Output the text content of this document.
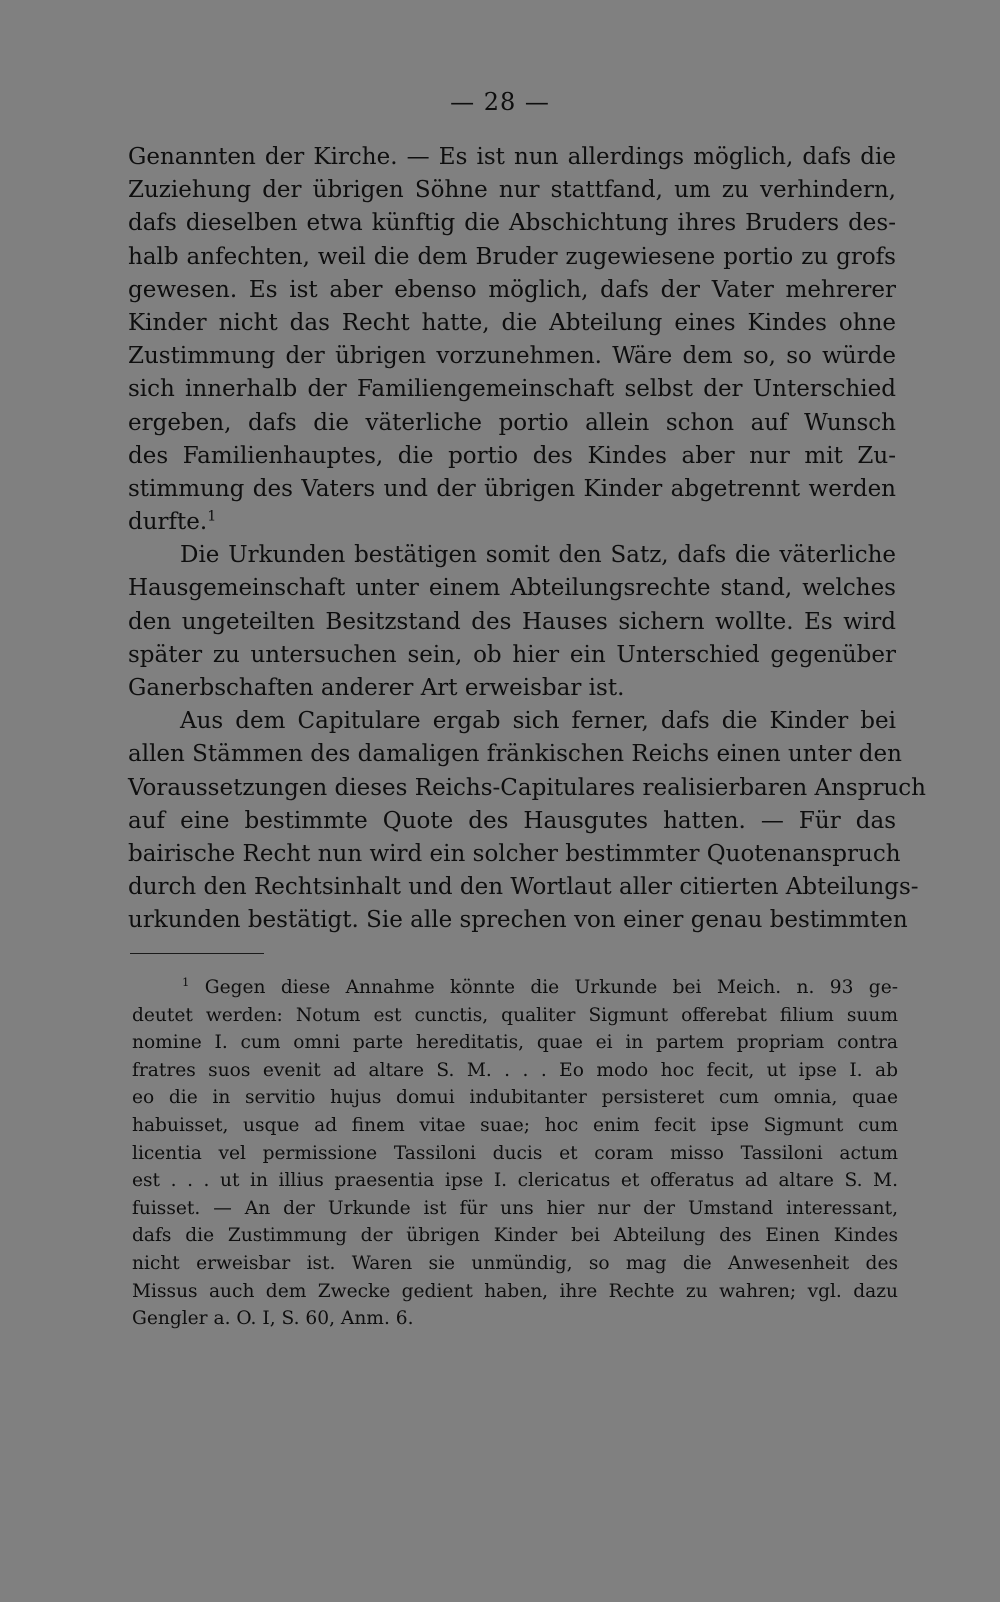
— 28 —
Genannten der Kirche. — Es ist nun allerdings möglich, dafs die
Zuziehung der übrigen Söhne nur stattfand, um zu verhindern,
dafs dieselben etwa künftig die Abschichtung ihres Bruders des-
halb anfechten, weil die dem Bruder zugewiesene portio zu grofs
gewesen. Es ist aber ebenso möglich, dafs der Vater mehrerer
Kinder nicht das Recht hatte, die Abteilung eines Kindes ohne
Zustimmung der übrigen vorzunehmen. Wäre dem so, so würde
sich innerhalb der Familiengemeinschaft selbst der Unterschied
ergeben, dafs die väterliche portio allein schon auf Wunsch
des Familienhauptes, die portio des Kindes aber nur mit Zu-
stimmung des Vaters und der übrigen Kinder abgetrennt werden
durfte.$^1$
Die Urkunden bestätigen somit den Satz, dafs die väterliche
Hausgemeinschaft unter einem Abteilungsrechte stand, welches
den ungeteilten Besitzstand des Hauses sichern wollte. Es wird
später zu untersuchen sein, ob hier ein Unterschied gegenüber
Ganerbschaften anderer Art erweisbar ist.
Aus dem Capitulare ergab sich ferner, dafs die Kinder bei
allen Stämmen des damaligen fränkischen Reichs einen unter den
Voraussetzungen dieses Reichs-Capitulares realisierbaren Anspruch
auf eine bestimmte Quote des Hausgutes hatten. — Für das
bairische Recht nun wird ein solcher bestimmter Quotenanspruch
durch den Rechtsinhalt und den Wortlaut aller citierten Abteilungs-
urkunden bestätigt. Sie alle sprechen von einer genau bestimmten
$^1$ Gegen diese Annahme könnte die Urkunde bei Meich. n. 93 ge-
deutet werden: Notum est cunctis, qualiter Sigmunt offerebat filium suum
nomine I. cum omni parte hereditatis, quae ei in partem propriam contra
fratres suos evenit ad altare S. M. . . . Eo modo hoc fecit, ut ipse I. ab
eo die in servitio hujus domui indubitanter persisteret cum omnia, quae
habuisset, usque ad finem vitae suae; hoc enim fecit ipse Sigmunt cum
licentia vel permissione Tassiloni ducis et coram misso Tassiloni actum
est . . . ut in illius praesentia ipse I. clericatus et offeratus ad altare S. M.
fuisset. — An der Urkunde ist für uns hier nur der Umstand interessant,
dafs die Zustimmung der übrigen Kinder bei Abteilung des Einen Kindes
nicht erweisbar ist. Waren sie unmündig, so mag die Anwesenheit des
Missus auch dem Zwecke gedient haben, ihre Rechte zu wahren; vgl. dazu
Gengler a. O. I, S. 60, Anm. 6.
